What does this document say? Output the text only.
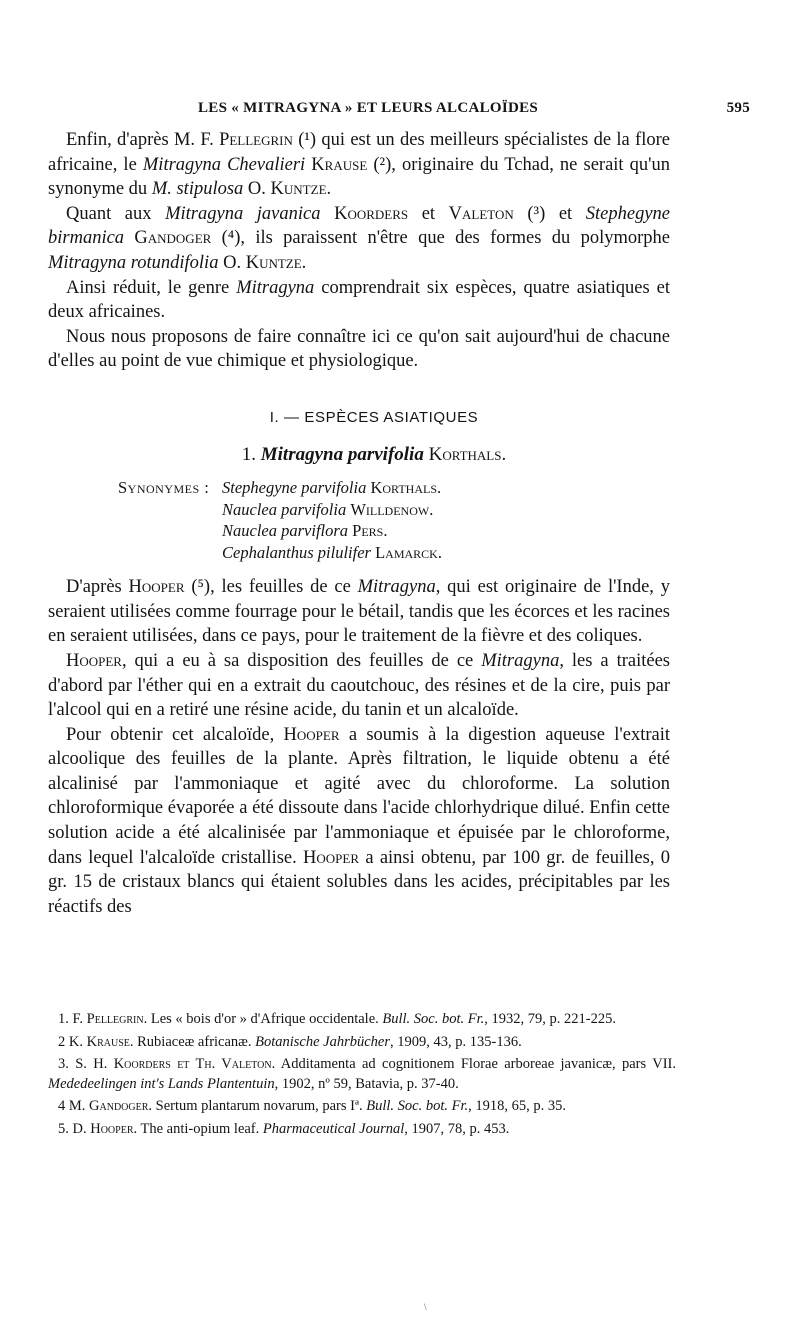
LES « MITRAGYNA » ET LEURS ALCALOÏDES	595

Enfin, d'après M. F. Pellegrin (¹) qui est un des meilleurs spécialistes de la flore africaine, le Mitragyna Chevalieri Krause (²), originaire du Tchad, ne serait qu'un synonyme du M. stipulosa O. Kuntze.

Quant aux Mitragyna javanica Koorders et Valeton (³) et Stephegyne birmanica Gandoger (⁴), ils paraissent n'être que des formes du polymorphe Mitragyna rotundifolia O. Kuntze.

Ainsi réduit, le genre Mitragyna comprendrait six espèces, quatre asiatiques et deux africaines.

Nous nous proposons de faire connaître ici ce qu'on sait aujourd'hui de chacune d'elles au point de vue chimique et physiologique.

I. — ESPÈCES ASIATIQUES
1. Mitragyna parvifolia Korthals.
Synonymes : Stephegyne parvifolia Korthals.
Nauclea parvifolia Willdenow.
Nauclea parviflora Pers.
Cephalanthus pilulifer Lamarck.

D'après Hooper (⁵), les feuilles de ce Mitragyna, qui est originaire de l'Inde, y seraient utilisées comme fourrage pour le bétail, tandis que les écorces et les racines en seraient utilisées, dans ce pays, pour le traitement de la fièvre et des coliques.

Hooper, qui a eu à sa disposition des feuilles de ce Mitragyna, les a traitées d'abord par l'éther qui en a extrait du caoutchouc, des résines et de la cire, puis par l'alcool qui en a retiré une résine acide, du tanin et un alcaloïde.

Pour obtenir cet alcaloïde, Hooper a soumis à la digestion aqueuse l'extrait alcoolique des feuilles de la plante. Après filtration, le liquide obtenu a été alcalinisé par l'ammoniaque et agité avec du chloroforme. La solution chloroformique évaporée a été dissoute dans l'acide chlorhydrique dilué. Enfin cette solution acide a été alcalinisée par l'ammoniaque et épuisée par le chloroforme, dans lequel l'alcaloïde cristallise. Hooper a ainsi obtenu, par 100 gr. de feuilles, 0 gr. 15 de cristaux blancs qui étaient solubles dans les acides, précipitables par les réactifs des

1. F. Pellegrin. Les « bois d'or » d'Afrique occidentale. Bull. Soc. bot. Fr., 1932, 79, p. 221-225.

2 K. Krause. Rubiaceæ africanæ. Botanische Jahrbücher, 1909, 43, p. 135-136.

3. S. H. Koorders et Th. Valeton. Additamenta ad cognitionem Florae arboreae javanicæ, pars VII. Mededeelingen int's Lands Plantentuin, 1902, nº 59, Batavia, p. 37-40.

4 M. Gandoger. Sertum plantarum novarum, pars Iª. Bull. Soc. bot. Fr., 1918, 65, p. 35.

5. D. Hooper. The anti-opium leaf. Pharmaceutical Journal, 1907, 78, p. 453.

\
